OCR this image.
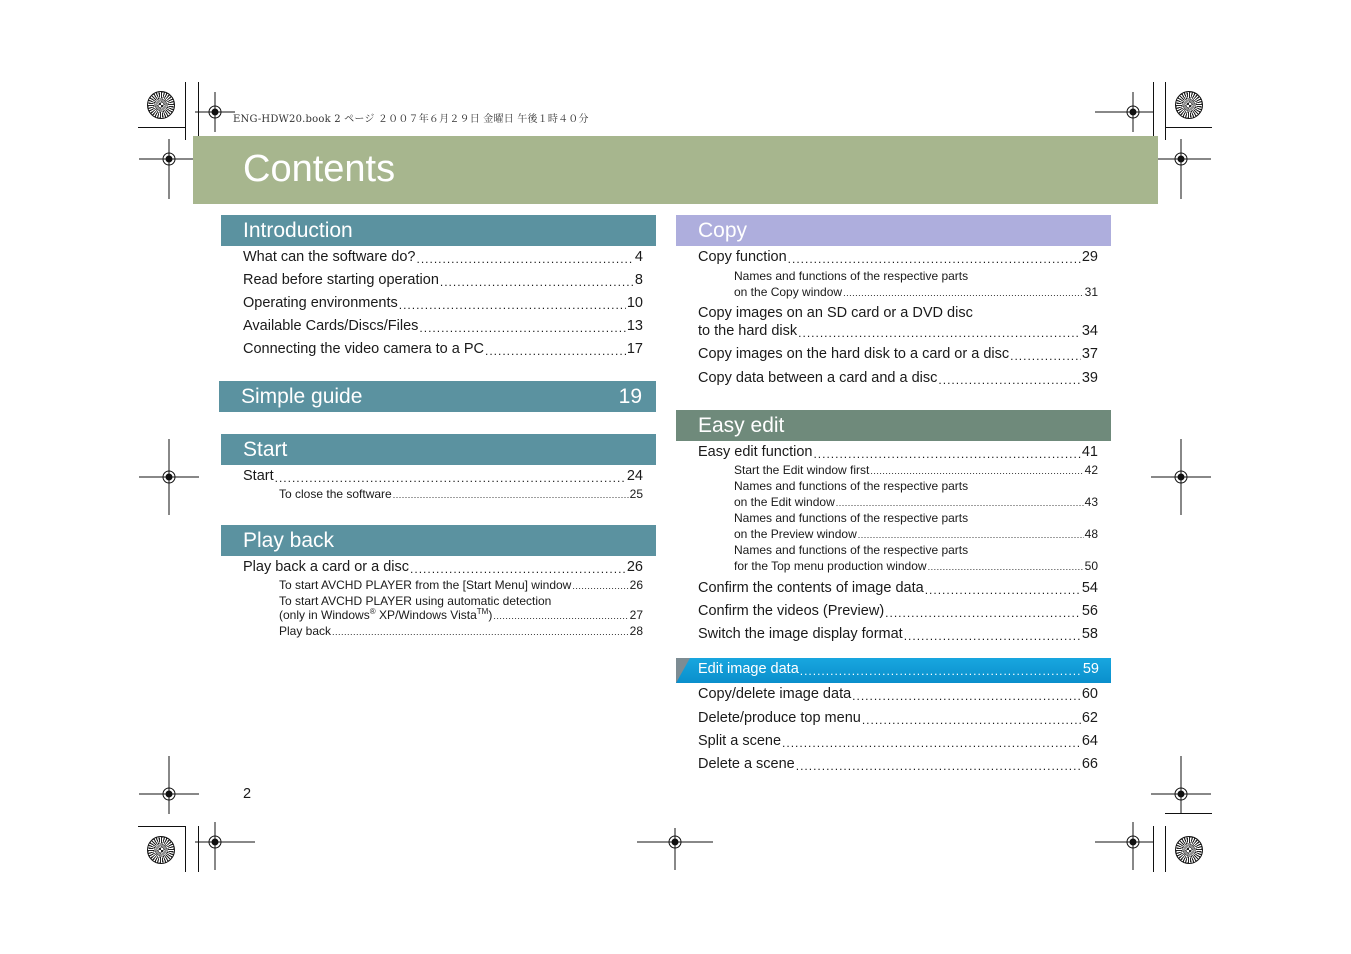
ENG-HDW20.book 2 ページ ２００７年６月２９日 金曜日 午後１時４０分
Contents
Introduction
What can the software do? .....	4
Read before starting operation .....	8
Operating environments .....	10
Available Cards/Discs/Files .....	13
Connecting the video camera to a PC .....	17
Simple guide	19
Start
Start .....	24
To close the software .....	25
Play back
Play back a card or a disc .....	26
To start AVCHD PLAYER from the [Start Menu] window .....	26
To start AVCHD PLAYER using automatic detection
(only in Windows® XP/Windows Vista™) .....	27
Play back .....	28
Copy
Copy function .....	29
Names and functions of the respective parts
on the Copy window .....	31
Copy images on an SD card or a DVD disc
to the hard disk .....	34
Copy images on the hard disk to a card or a disc .....	37
Copy data between a card and a disc .....	39
Easy edit
Easy edit function .....	41
Start the Edit window first .....	42
Names and functions of the respective parts
on the Edit window .....	43
Names and functions of the respective parts
on the Preview window .....	48
Names and functions of the respective parts
for the Top menu production window .....	50
Confirm the contents of image data .....	54
Confirm the videos (Preview) .....	56
Switch the image display format .....	58
Edit image data .....	59
Copy/delete image data .....	60
Delete/produce top menu .....	62
Split a scene .....	64
Delete a scene .....	66
2
